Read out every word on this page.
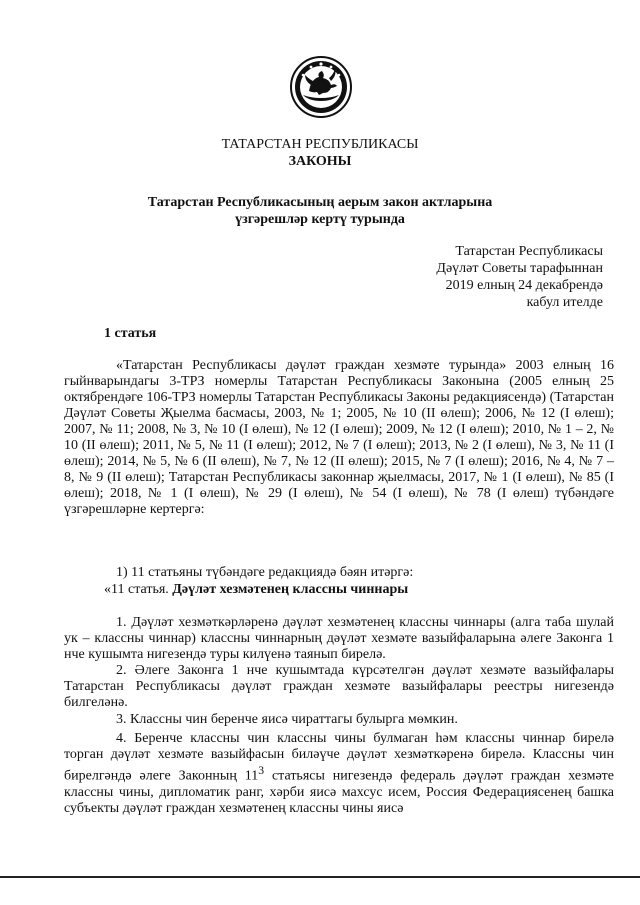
ТАТАРСТАН РЕСПУБЛИКАСЫ
ЗАКОНЫ
Татарстан Республикасының аерым закон актларына
үзгәрешләр кертү турында
Татарстан Республикасы
Дәүләт Советы тарафыннан
2019 елның 24 декабрендә
кабул ителде
1 статья
«Татарстан Республикасы дәүләт граждан хезмәте турында» 2003 елның 16 гыйнварындагы 3-ТРЗ номерлы Татарстан Республикасы Законына (2005 елның 25 октябрендәге 106-ТРЗ номерлы Татарстан Республикасы Законы редакциясендә) (Татарстан Дәүләт Советы Җыелма басмасы, 2003, № 1; 2005, № 10 (II өлеш); 2006, № 12 (I өлеш); 2007, № 11; 2008, № 3, № 10 (I өлеш), № 12 (I өлеш); 2009, № 12 (I өлеш); 2010, № 1 – 2, № 10 (II өлеш); 2011, № 5, № 11 (I өлеш); 2012, № 7 (I өлеш); 2013, № 2 (I өлеш), № 3, № 11 (I өлеш); 2014, № 5, № 6 (II өлеш), № 7, № 12 (II өлеш); 2015, № 7 (I өлеш); 2016, № 4, № 7 – 8, № 9 (II өлеш); Татарстан Республикасы законнар җыелмасы, 2017, № 1 (I өлеш), № 85 (I өлеш); 2018, № 1 (I өлеш), № 29 (I өлеш), № 54 (I өлеш), № 78 (I өлеш) түбәндәге үзгәрешләрне кертергә:
1) 11 статьяны түбәндәге редакциядә бәян итәргә:
«11 статья. Дәүләт хезмәтенең классны чиннары
1. Дәүләт хезмәткәрләренә дәүләт хезмәтенең классны чиннары (алга таба шулай ук – классны чиннар) классны чиннарның дәүләт хезмәте вазыйфаларына әлеге Законга 1 нче кушымта нигезендә туры килүенә таянып бирелә.
2. Әлеге Законга 1 нче кушымтада күрсәтелгән дәүләт хезмәте вазыйфалары Татарстан Республикасы дәүләт граждан хезмәте вазыйфалары реестры нигезендә билгеләнә.
3. Классны чин беренче яисә чираттагы булырга мөмкин.
4. Беренче классны чин классны чины булмаган һәм классны чиннар бирелә торган дәүләт хезмәте вазыйфасын биләүче дәүләт хезмәткәренә бирелә. Классны чин бирелгәндә әлеге Законның $11^3$ статьясы нигезендә федераль дәүләт граждан хезмәте классны чины, дипломатик ранг, хәрби яисә махсус исем, Россия Федерациясенең башка субъекты дәүләт граждан хезмәтенең классны чины яисә
